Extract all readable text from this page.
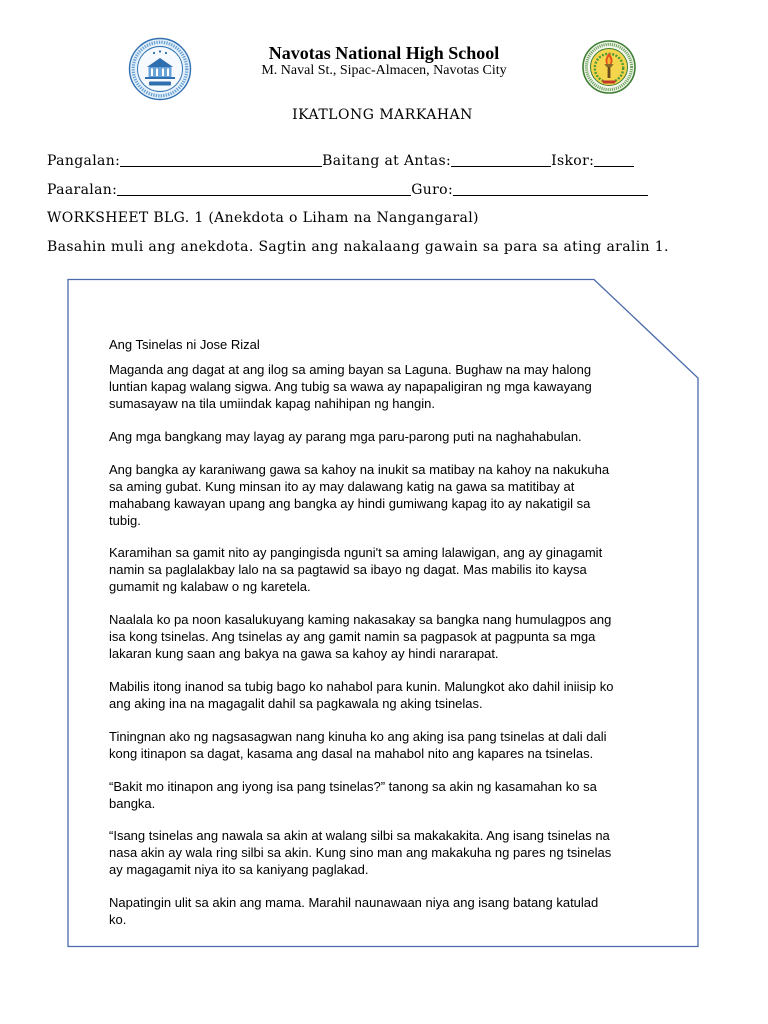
Navotas National High School
M. Naval St., Sipac-Almacen, Navotas City
IKATLONG MARKAHAN
Pangalan:	Baitang at Antas:	Iskor:
Paaralan:	Guro:
WORKSHEET BLG. 1 (Anekdota o Liham na Nangangaral)
Basahin muli ang anekdota. Sagtin ang nakalaang gawain sa para sa ating aralin 1.
Ang Tsinelas ni Jose Rizal
Maganda ang dagat at ang ilog sa aming bayan sa Laguna. Bughaw na may halong
luntian kapag walang sigwa. Ang tubig sa wawa ay napapaligiran ng mga kawayang
sumasayaw na tila umiindak kapag nahihipan ng hangin.
Ang mga bangkang may layag ay parang mga paru-parong puti na naghahabulan.
Ang bangka ay karaniwang gawa sa kahoy na inukit sa matibay na kahoy na nakukuha
sa aming gubat. Kung minsan ito ay may dalawang katig na gawa sa matitibay at
mahabang kawayan upang ang bangka ay hindi gumiwang kapag ito ay nakatigil sa
tubig.
Karamihan sa gamit nito ay pangingisda nguni't sa aming lalawigan, ang ay ginagamit
namin sa paglalakbay lalo na sa pagtawid sa ibayo ng dagat. Mas mabilis ito kaysa
gumamit ng kalabaw o ng karetela.
Naalala ko pa noon kasalukuyang kaming nakasakay sa bangka nang humulagpos ang
isa kong tsinelas. Ang tsinelas ay ang gamit namin sa pagpasok at pagpunta sa mga
lakaran kung saan ang bakya na gawa sa kahoy ay hindi nararapat.
Mabilis itong inanod sa tubig bago ko nahabol para kunin. Malungkot ako dahil iniisip ko
ang aking ina na magagalit dahil sa pagkawala ng aking tsinelas.
Tiningnan ako ng nagsasagwan nang kinuha ko ang aking isa pang tsinelas at dali dali
kong itinapon sa dagat, kasama ang dasal na mahabol nito ang kapares na tsinelas.
“Bakit mo itinapon ang iyong isa pang tsinelas?” tanong sa akin ng kasamahan ko sa
bangka.
“Isang tsinelas ang nawala sa akin at walang silbi sa makakakita. Ang isang tsinelas na
nasa akin ay wala ring silbi sa akin. Kung sino man ang makakuha ng pares ng tsinelas
ay magagamit niya ito sa kaniyang paglakad.
Napatingin ulit sa akin ang mama. Marahil naunawaan niya ang isang batang katulad
ko.
